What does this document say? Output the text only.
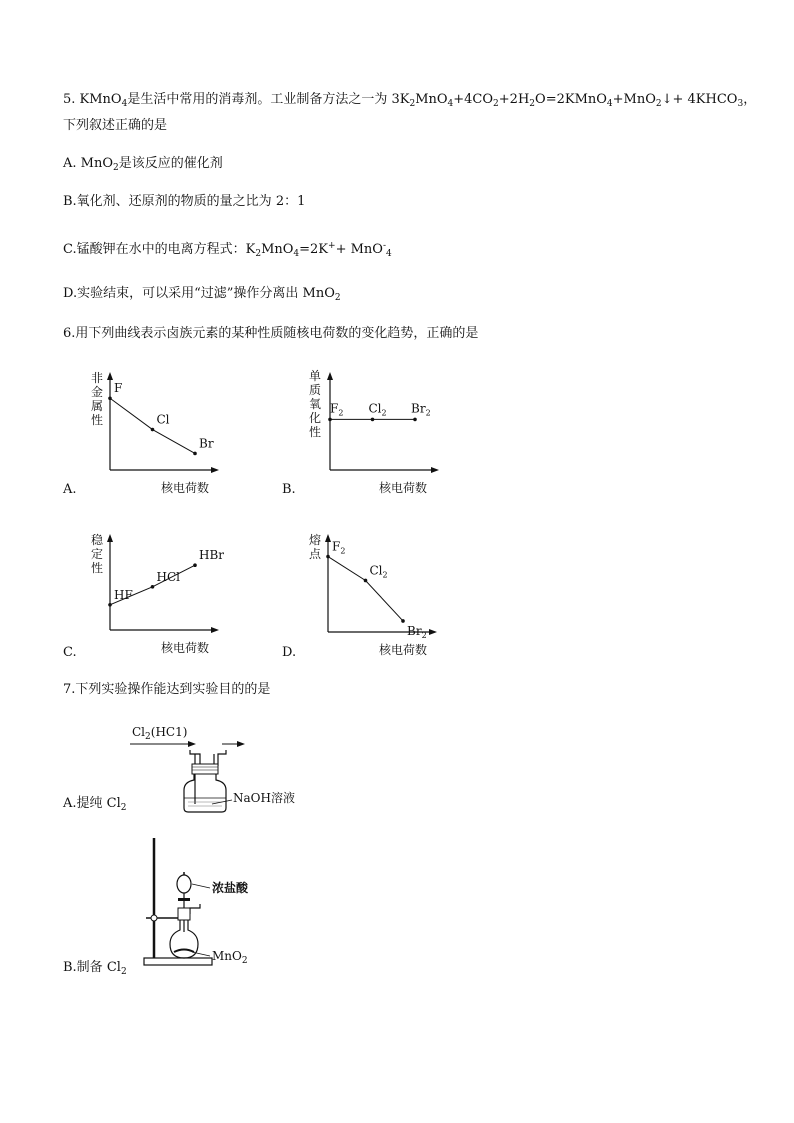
5. KMnO$_4$是生活中常用的消毒剂。工业制备方法之一为 $3K_2MnO_4+4CO_2+2H_2O=2KMnO_4+MnO_2↓+$ $4KHCO_3$，
下列叙述正确的是
A. MnO$_2$是该反应的催化剂
B.氧化剂、还原剂的物质的量之比为 2：1
C.锰酸钾在水中的电离方程式：$K_2MnO_4=2K^++ MnO^-_4$
D.实验结束，可以采用“过滤”操作分离出 MnO$_2$
6.用下列曲线表示卤族元素的某种性质随核电荷数的变化趋势，正确的是
A.
非
金
属
性
核电荷数
F
Cl
Br
B.
单
质
氧
化
性
核电荷数
$F_2$ $Cl_2$ $Br_2$
C.
稳
定
性
核电荷数
HF
HCl
HBr
D.
熔
点
核电荷数
$F_2$
$Cl_2$
$Br_2$
7.下列实验操作能达到实验目的的是
$Cl_2(HC1)$
NaOH溶液
A.提纯 $Cl_2$
浓盐酸
MnO$_2$
B.制备 $Cl_2$
